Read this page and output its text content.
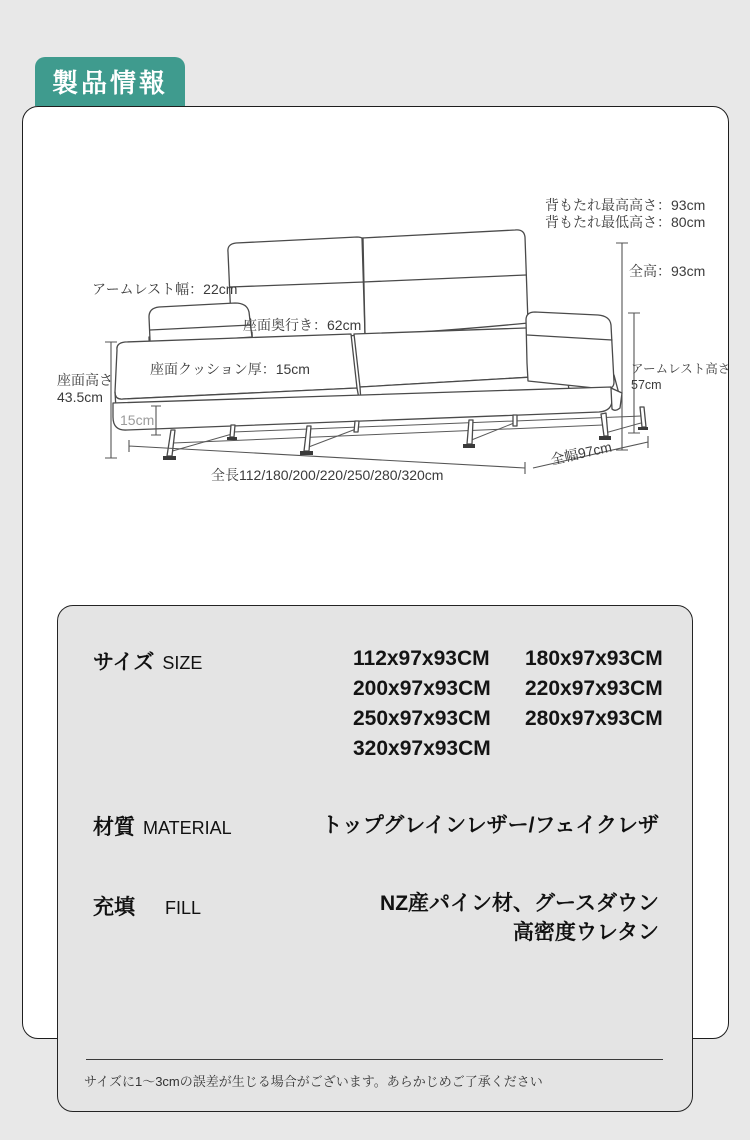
製品情報
背もたれ最高高さ：93cm
背もたれ最低高さ：80cm
全高：93cm
アームレスト幅：22cm
座面奥行き：62cm
座面クッション厚：15cm
座面高さ
43.5cm
15cm
アームレスト高さ
57cm
全長112/180/200/220/250/280/320cm
全幅97cm
サイズ SIZE	112x97x93CM 180x97x93CM
200x97x93CM 220x97x93CM
250x97x93CM 280x97x93CM
320x97x93CM
材質 MATERIAL	トップグレインレザー/フェイクレザ
充填 FILL	NZ産パイン材、グースダウン
高密度ウレタン
サイズに1～3cmの誤差が生じる場合がございます。あらかじめご了承ください
